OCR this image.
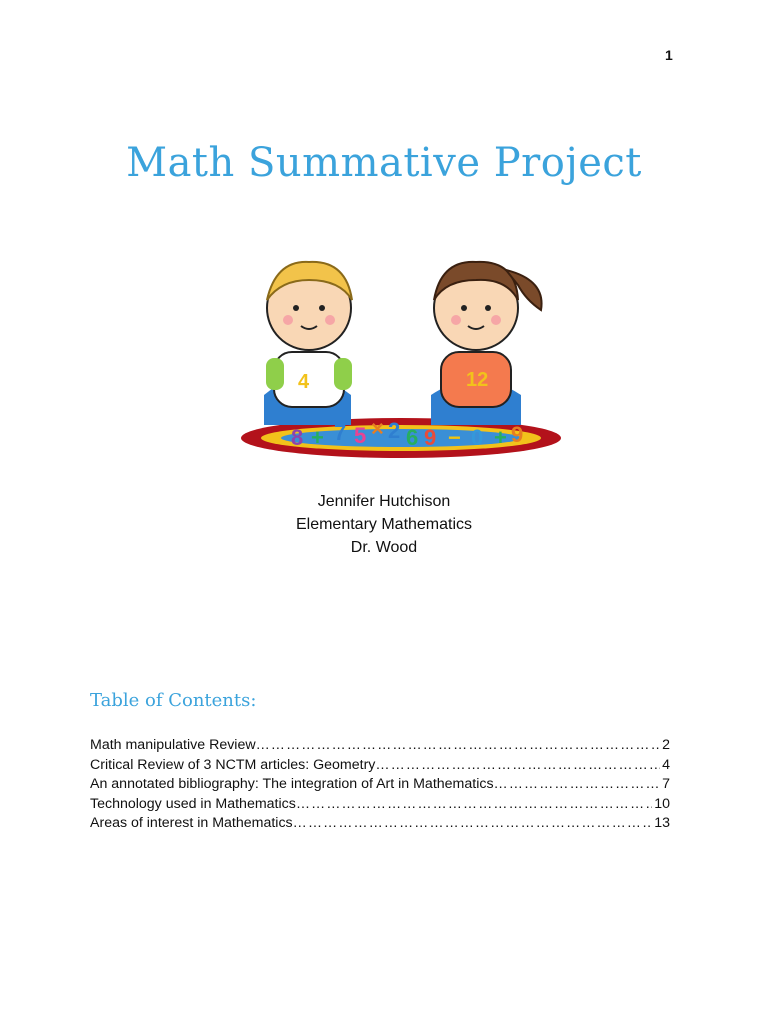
1
Math Summative Project
4	12
8 + 7 5 × 2 6 9 − 0 + 9
Jennifer Hutchison
Elementary Mathematics
Dr. Wood
Table of Contents:
Math manipulative Review …………………………………………………………………………………………………………………………………………………	2
Critical Review of 3 NCTM articles: Geometry …………………………………………………………………………………………………………………………………………………	4
An annotated bibliography: The integration of Art in Mathematics …………………………………………………………………………………………………………………………………………………	7
Technology used in Mathematics …………………………………………………………………………………………………………………………………………………	10
Areas of interest in Mathematics …………………………………………………………………………………………………………………………………………………	13
